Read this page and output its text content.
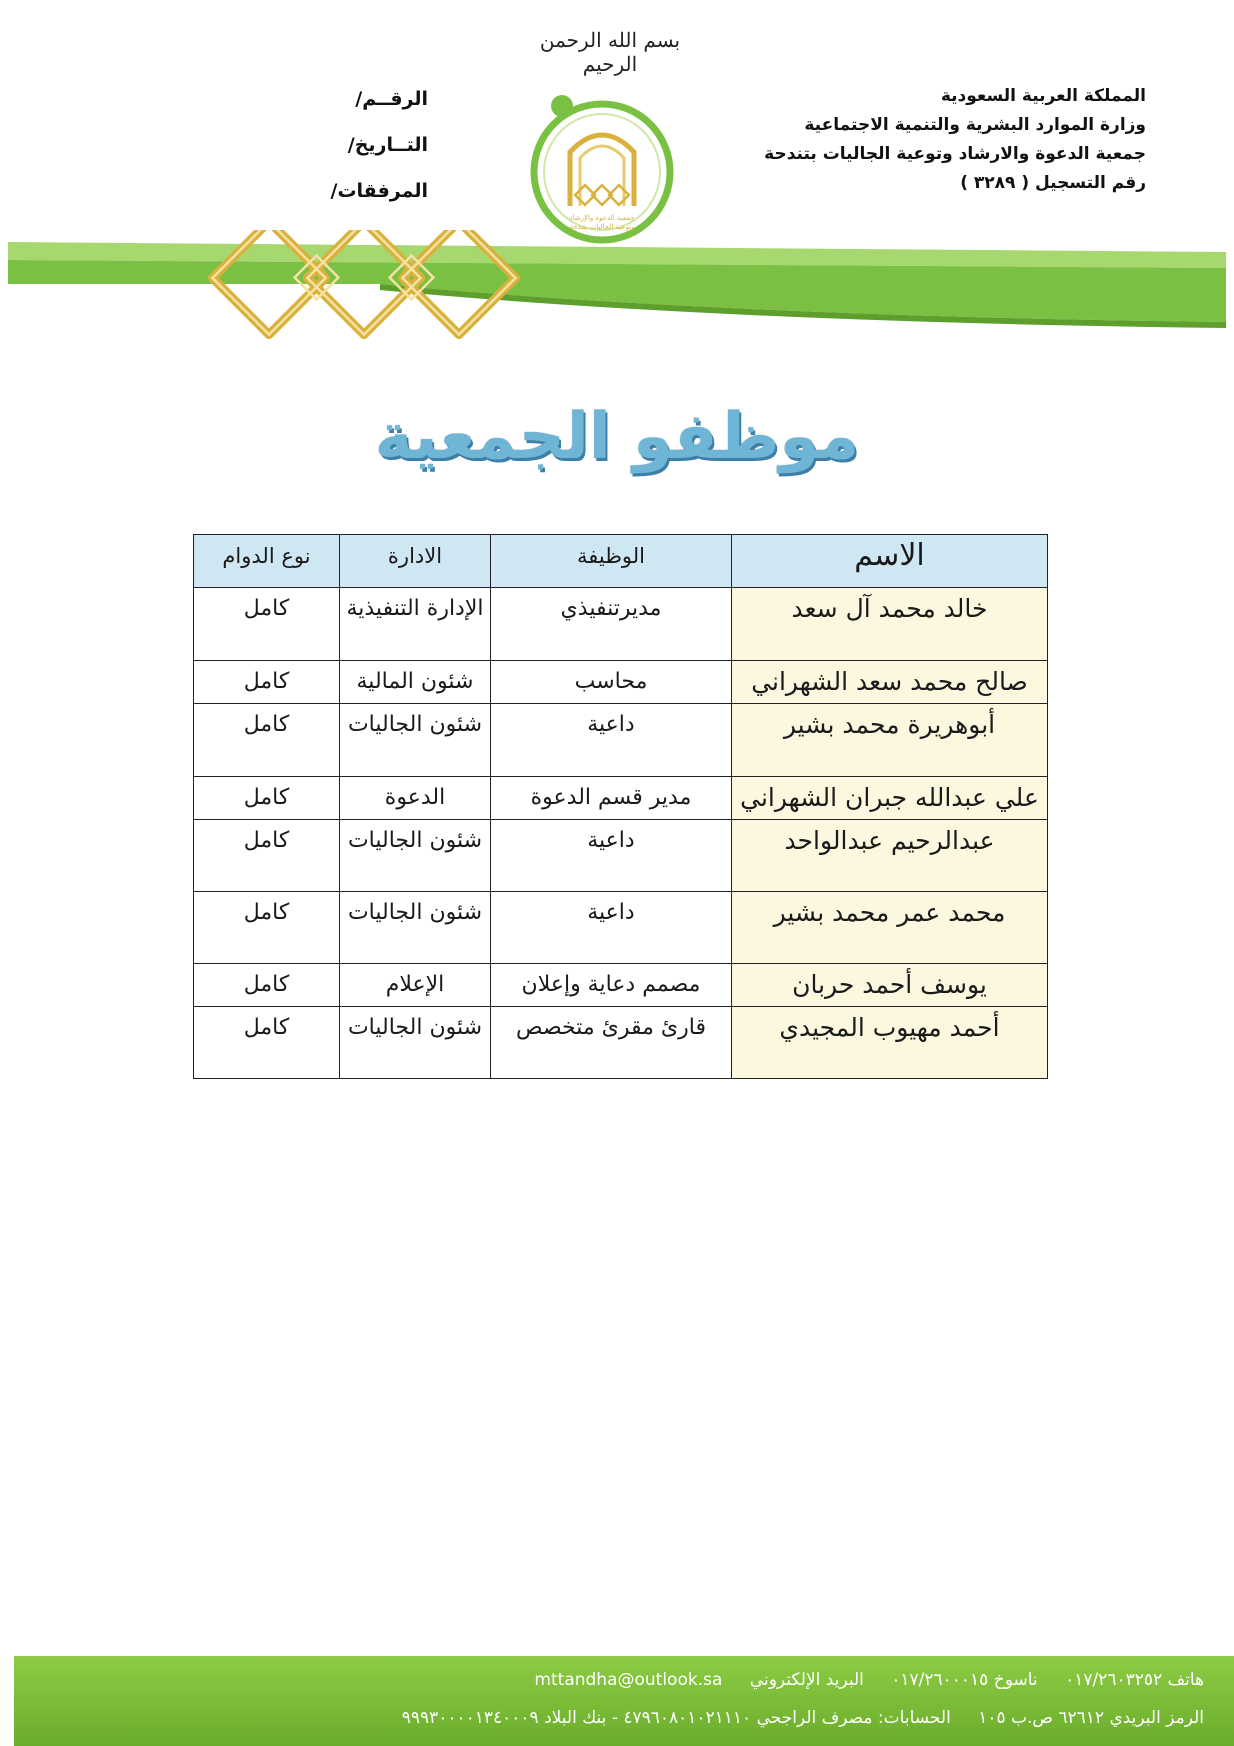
بسم الله الرحمن الرحيم
المملكة العربية السعودية
وزارة الموارد البشرية والتنمية الاجتماعية
جمعية الدعوة والارشاد وتوعية الجاليات بتندحة
رقم التسجيل ( ٣٢٨٩ )
الرقــم/
التــاريخ/
المرفقات/
جمعية الدعوة والإرشاد
وتوعية الجاليات بتندحة
موظفو الجمعية
الاسم	الوظيفة	الادارة	نوع الدوام
خالد محمد آل سعد	مديرتنفيذي	الإدارة التنفيذية	كامل
صالح محمد سعد الشهراني	محاسب	شئون المالية	كامل
أبوهريرة محمد بشير	داعية	شئون الجاليات	كامل
علي عبدالله جبران الشهراني	مدير قسم الدعوة	الدعوة	كامل
عبدالرحيم عبدالواحد	داعية	شئون الجاليات	كامل
محمد عمر محمد بشير	داعية	شئون الجاليات	كامل
يوسف أحمد حربان	مصمم دعاية وإعلان	الإعلام	كامل
أحمد مهيوب المجيدي	قارئ مقرئ متخصص	شئون الجاليات	كامل
هاتف ٠١٧/٢٦٠٣٢٥٢ ناسوخ ٠١٧/٢٦٠٠٠١٥ البريد الإلكتروني mttandha@outlook.sa
الرمز البريدي ٦٢٦١٢ ص.ب ١٠٥ الحسابات: مصرف الراجحي ٤٧٩٦٠٨٠١٠٢١١١٠ - بنك البلاد ٩٩٩٣٠٠٠٠١٣٤٠٠٠٩
